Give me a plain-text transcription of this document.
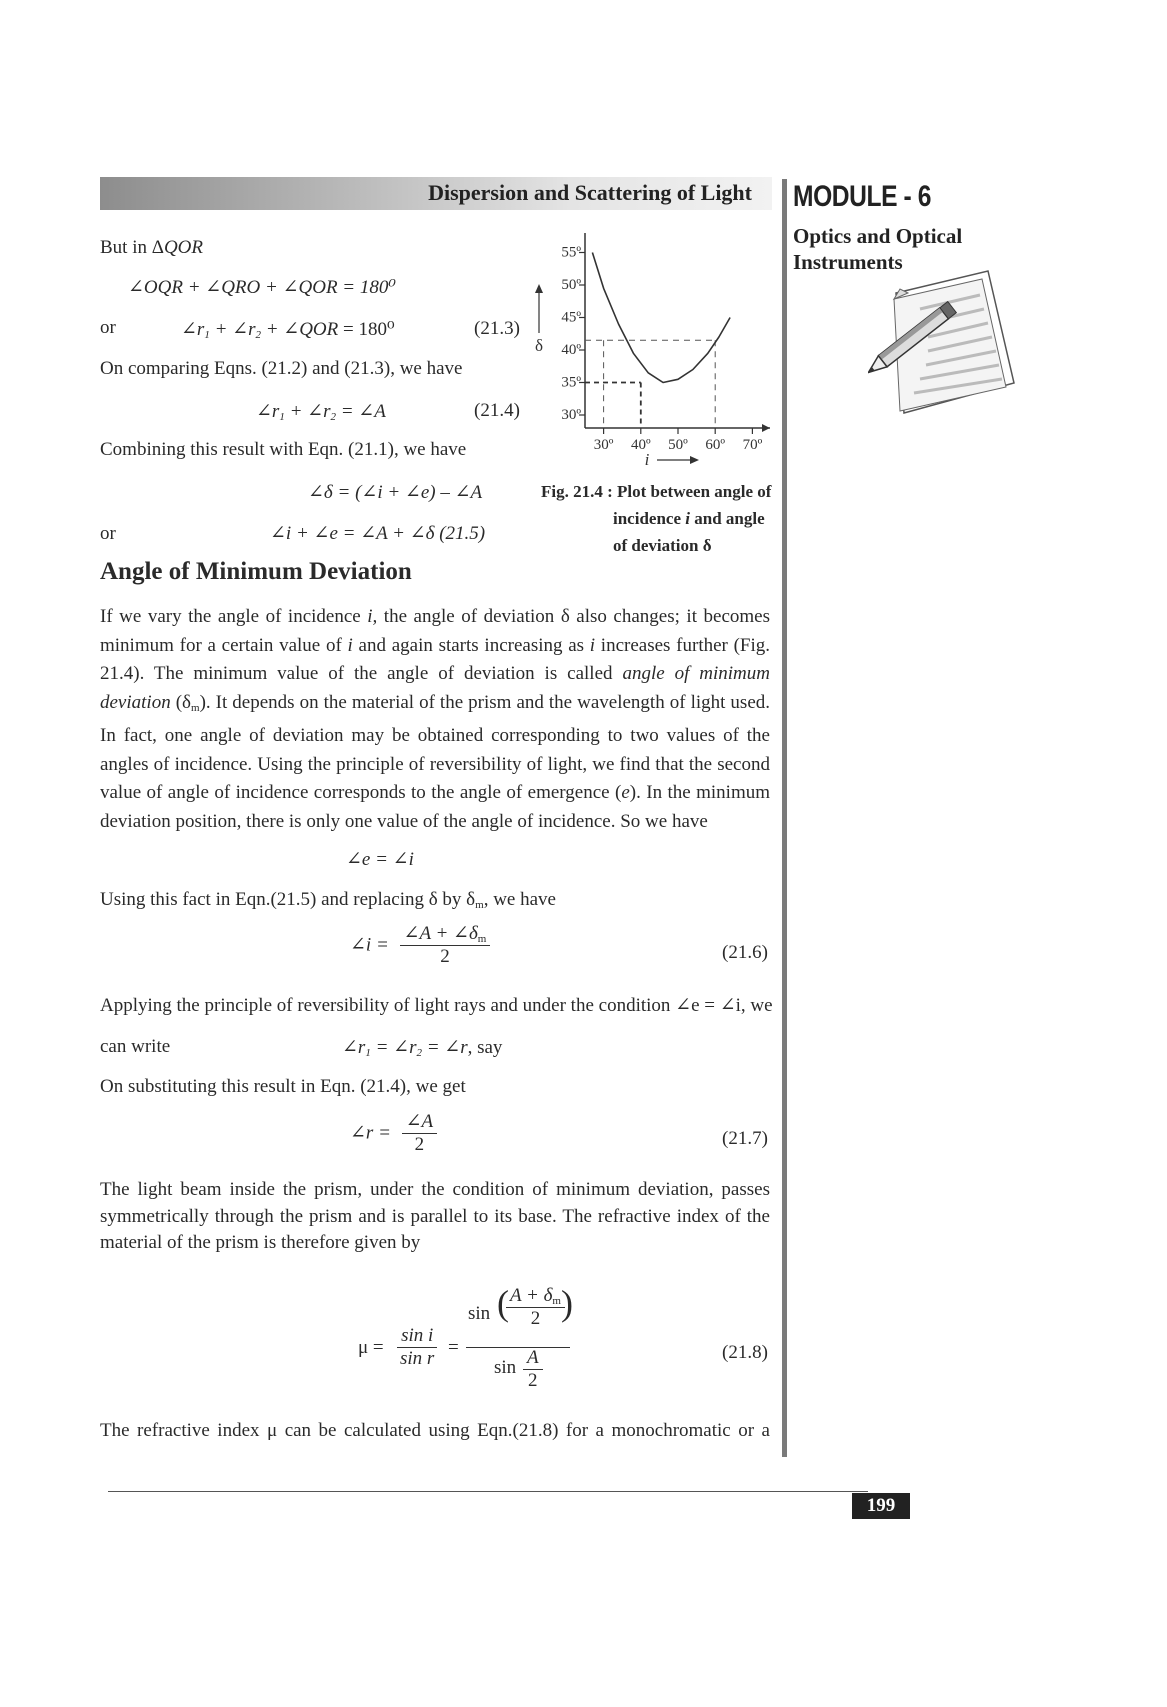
Dispersion and Scattering of Light MODULE - 6
Optics and Optical
Instruments
But in ΔQOR
∠OQR + ∠QRO + ∠QOR = 180⁰
or	$\angle r_1$ + $\angle r_2$ + ∠QOR = 180⁰	(21.3)
On comparing Eqns. (21.2) and (21.3), we have
$\angle r_1$ + $\angle r_2$ = ∠A	(21.4)
Combining this result with Eqn. (21.1), we have
∠δ = (∠i + ∠e) – ∠A
or	∠i + ∠e = ∠A + ∠δ (21.5)
30º
35º
40º
45º
50º
55º
30º 40º 50º 60º 70º
δ
i
Fig. 21.4 : Plot between angle of
incidence i and angle
of deviation δ
Angle of Minimum Deviation
If we vary the angle of incidence i, the angle of deviation δ also changes; it becomes minimum for a certain value of i and again starts increasing as i increases further (Fig. 21.4). The minimum value of the angle of deviation is called angle of minimum deviation $(\delta_m)$. It depends on the material of the prism and the wavelength of light used. In fact, one angle of deviation may be obtained corresponding to two values of the angles of incidence. Using the principle of reversibility of light, we find that the second value of angle of incidence corresponds to the angle of emergence (e). In the minimum deviation position, there is only one value of the angle of incidence. So we have
∠e = ∠i
Using this fact in Eqn.(21.5) and replacing δ by $\delta_m$, we have
∠i = $\frac{\angle A + \angle\delta_m}{2}$	(21.6)
Applying the principle of reversibility of light rays and under the condition ∠e = ∠i, we
can write	$\angle r_1$ = $\angle r_2$ = ∠r, say
On substituting this result in Eqn. (21.4), we get
∠r = $\frac{\angle A}{2}$	(21.7)
The light beam inside the prism, under the condition of minimum deviation, passes symmetrically through the prism and is parallel to its base. The refractive index of the material of the prism is therefore given by
$\mu = \frac{\text{sin i}}{\text{sin r}}$ =
sin (
$\frac{A + \delta_m}{2}$
)
$\sin \frac{A}{2}$	(21.8)
The refractive index μ can be calculated using Eqn.(21.8) for a monochromatic or a
199
